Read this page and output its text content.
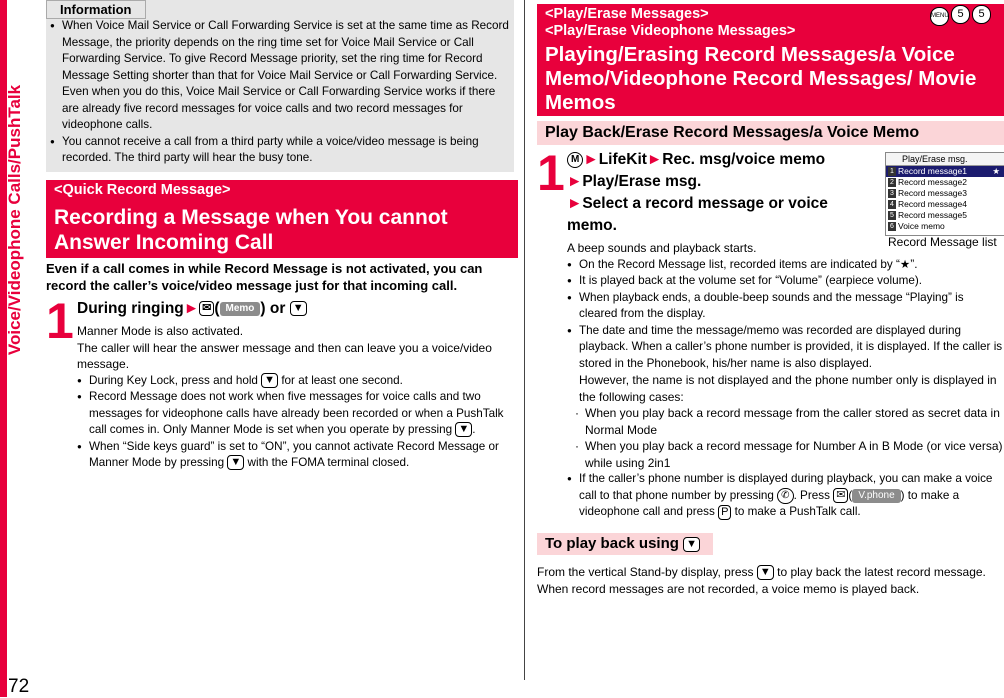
Voice/Videophone Calls/PushTalk
72
Information

● When Voice Mail Service or Call Forwarding Service is set at the same time as Record Message, the priority depends on the ring time set for Voice Mail Service or Call Forwarding Service. To give Record Message priority, set the ring time for Record Message Setting shorter than that for Voice Mail Service or Call Forwarding Service. Even when you do this, Voice Mail Service or Call Forwarding Service works if there are already five record messages for voice calls and two record messages for videophone calls.

● You cannot receive a call from a third party while a voice/video message is being recorded. The third party will hear the busy tone.

<Quick Record Message>
Recording a Message when You cannot Answer Incoming Call
Even if a call comes in while Record Message is not activated, you can record the caller’s voice/video message just for that incoming call.
1 During ringing► ✉ ( Memo ) or ▼
Manner Mode is also activated.
The caller will hear the answer message and then can leave you a voice/video message.
● During Key Lock, press and hold ▼ for at least one second.
● Record Message does not work when five messages for voice calls and two messages for videophone calls have already been recorded or when a PushTalk call comes in. Only Manner Mode is set when you operate by pressing ▼ .
● When “Side keys guard” is set to “ON”, you cannot activate Record Message or Manner Mode by pressing ▼ with the FOMA terminal closed.
<Play/Erase Messages>
<Play/Erase Videophone Messages>
Playing/Erasing Record Messages/a Voice Memo/Videophone Record Messages/ Movie Memos
MENU 5 5
Play Back/Erase Record Messages/a Voice Memo
1 M ►LifeKit►Rec. msg/voice memo
►Play/Erase msg.
►Select a record message or voice memo.
Play/Erase msg.
1 Record message1	★
2 Record message2
3 Record message3
4 Record message4
5 Record message5
6 Voice memo
Record Message list
A beep sounds and playback starts.
● On the Record Message list, recorded items are indicated by “★”.
● It is played back at the volume set for “Volume” (earpiece volume).
● When playback ends, a double-beep sounds and the message “Playing” is cleared from the display.
● The date and time the message/memo was recorded are displayed during playback. When a caller’s phone number is provided, it is displayed. If the caller is stored in the Phonebook, his/her name is also displayed.
However, the name is not displayed and the phone number only is displayed in the following cases:
· When you play back a record message from the caller stored as secret data in Normal Mode
· When you play back a record message for Number A in B Mode (or vice versa) while using 2in1
● If the caller’s phone number is displayed during playback, you can make a voice call to that phone number by pressing ✆ . Press ✉ ( V.phone ) to make a videophone call and press P to make a PushTalk call.
To play back using ▼
From the vertical Stand-by display, press ▼ to play back the latest record message.
When record messages are not recorded, a voice memo is played back.
